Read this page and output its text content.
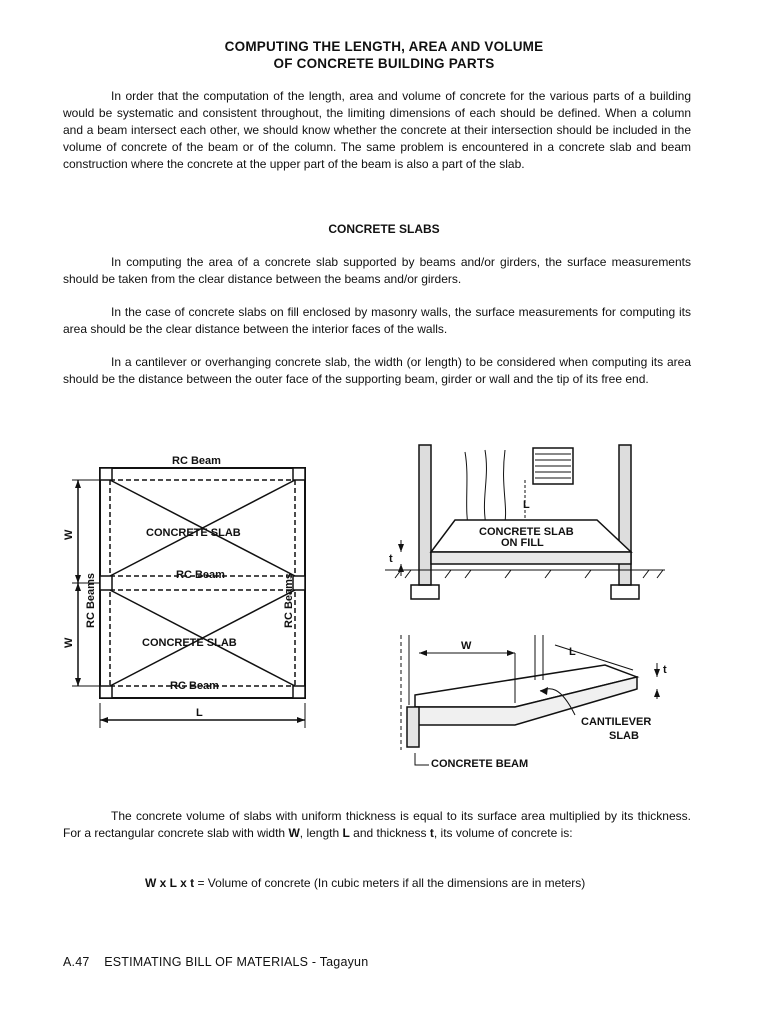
COMPUTING THE LENGTH, AREA AND VOLUME
OF CONCRETE BUILDING PARTS
In order that the computation of the length, area and volume of concrete for the various parts of a building would be systematic and consistent throughout, the limiting dimensions of each should be defined. When a column and a beam intersect each other, we should know whether the concrete at their intersection should be included in the volume of concrete of the beam or of the column. The same problem is encountered in a concrete slab and beam construction where the concrete at the upper part of the beam is also a part of the slab.
CONCRETE SLABS
In computing the area of a concrete slab supported by beams and/or girders, the surface measurements should be taken from the clear distance between the beams and/or girders.
In the case of concrete slabs on fill enclosed by masonry walls, the surface measurements for computing its area should be the clear distance between the interior faces of the walls.
In a cantilever or overhanging concrete slab, the width (or length) to be considered when computing its area should be the distance between the outer face of the supporting beam, girder or wall and the tip of its free end.
RC Beam
CONCRETE SLAB
RC Beam
CONCRETE SLAB
RC Beam
RC Beams	RC Beams
W
W
L
L
t
CONCRETE SLAB
ON FILL
W	L
t
CANTILEVER
SLAB
CONCRETE BEAM
The concrete volume of slabs with uniform thickness is equal to its surface area multiplied by its thickness. For a rectangular concrete slab with width W, length L and thickness t, its volume of concrete is:
W x L x t = Volume of concrete (In cubic meters if all the dimensions are in meters)
A.47    ESTIMATING BILL OF MATERIALS - Tagayun
